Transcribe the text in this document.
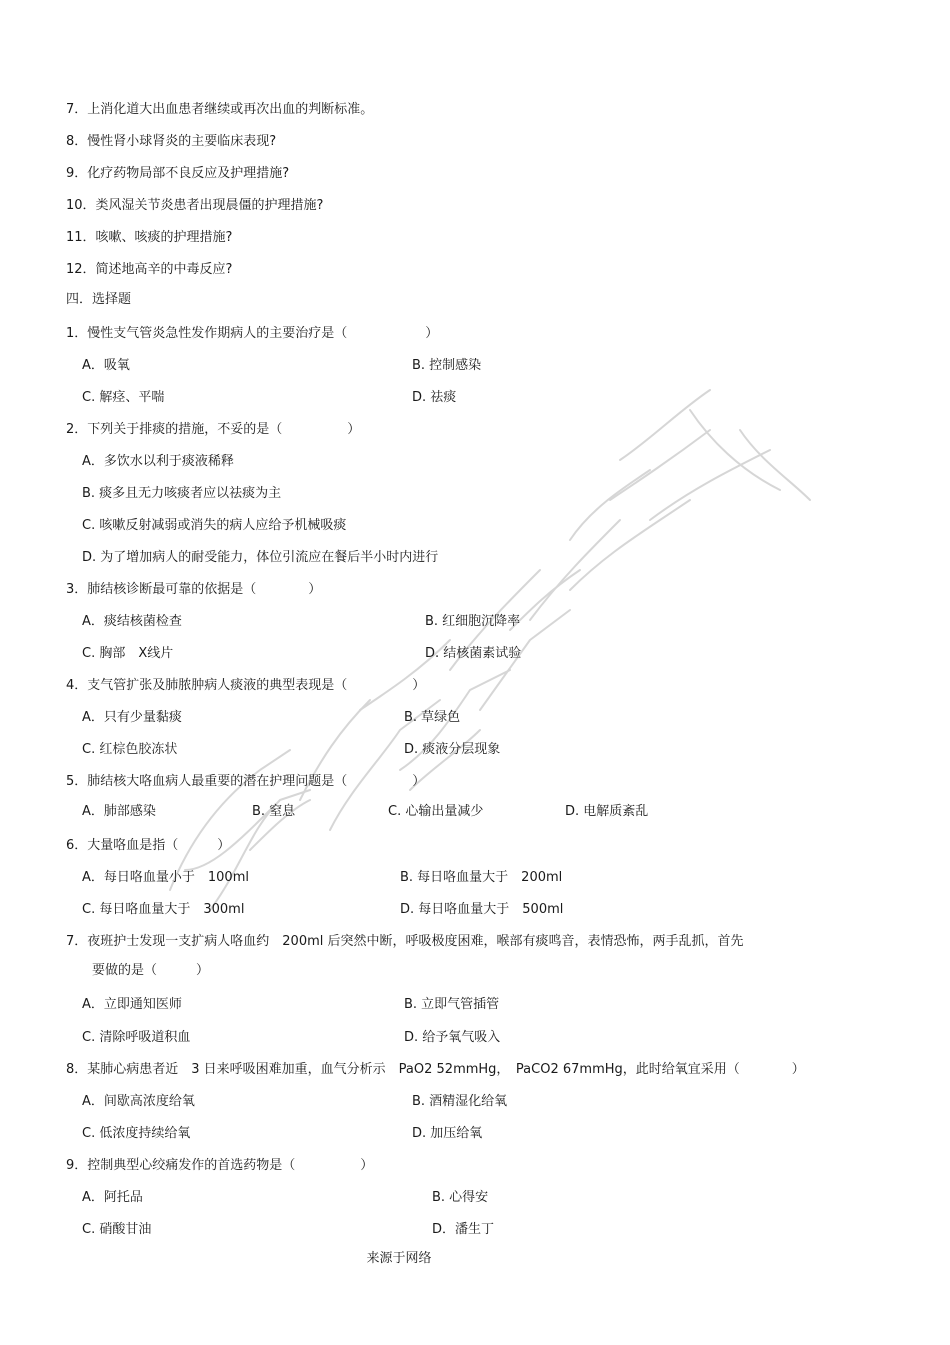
7．上消化道大出血患者继续或再次出血的判断标准。
8．慢性肾小球肾炎的主要临床表现?
9．化疗药物局部不良反应及护理措施?
10．类风湿关节炎患者出现晨僵的护理措施?
11．咳嗽、咳痰的护理措施?
12．简述地高辛的中毒反应?
四．选择题
1．慢性支气管炎急性发作期病人的主要治疗是（　　　　　　）
A．吸氧	B. 控制感染
C. 解痉、平喘	D. 祛痰
2．下列关于排痰的措施，不妥的是（　　　　　）
A．多饮水以利于痰液稀释
B. 痰多且无力咳痰者应以祛痰为主
C. 咳嗽反射减弱或消失的病人应给予机械吸痰
D. 为了增加病人的耐受能力，体位引流应在餐后半小时内进行
3．肺结核诊断最可靠的依据是（　　　　）
A．痰结核菌检查	B. 红细胞沉降率
C. 胸部　X线片	D. 结核菌素试验
4．支气管扩张及肺脓肿病人痰液的典型表现是（　　　　　）
A．只有少量黏痰	B. 草绿色
C. 红棕色胶冻状	D. 痰液分层现象
5．肺结核大咯血病人最重要的潜在护理问题是（　　　　　）
A．肺部感染	B. 窒息	C. 心输出量减少	D. 电解质紊乱
6．大量咯血是指（　　　）
A．每日咯血量小于　100ml	B. 每日咯血量大于　200ml
C. 每日咯血量大于　300ml	D. 每日咯血量大于　500ml
7．夜班护士发现一支扩病人咯血约　200ml 后突然中断，呼吸极度困难，喉部有痰鸣音，表情恐怖，两手乱抓，首先
要做的是（　　　）
A．立即通知医师	B. 立即气管插管
C. 清除呼吸道积血	D. 给予氧气吸入
8．某肺心病患者近　3 日来呼吸困难加重，血气分析示　PaO2 52mmHg，　PaCO2 67mmHg，此时给氧宜采用（　　　　）
A．间歇高浓度给氧	B. 酒精湿化给氧
C. 低浓度持续给氧	D. 加压给氧
9．控制典型心绞痛发作的首选药物是（　　　　　）
A．阿托品	B. 心得安
C. 硝酸甘油	D．潘生丁
来源于网络
